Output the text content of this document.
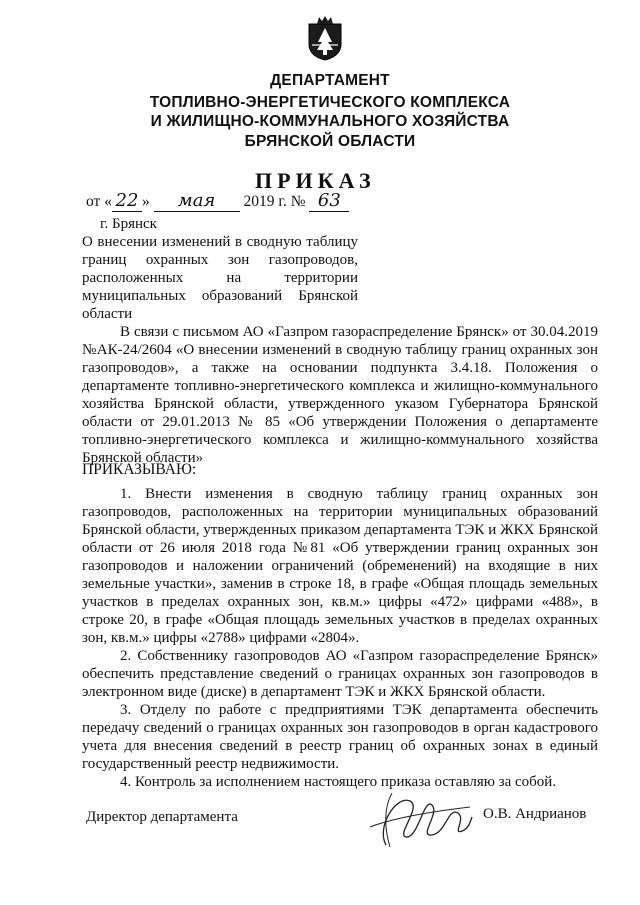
ДЕПАРТАМЕНТ
ТОПЛИВНО-ЭНЕРГЕТИЧЕСКОГО КОМПЛЕКСА
И ЖИЛИЩНО-КОММУНАЛЬНОГО ХОЗЯЙСТВА
БРЯНСКОЙ ОБЛАСТИ
ПРИКАЗ
от « 22 » мая 2019 г. № 63
г. Брянск
О внесении изменений в сводную таблицу границ охранных зон газопроводов, расположенных на территории муниципальных образований Брянской области

В связи с письмом АО «Газпром газораспределение Брянск» от 30.04.2019 №АК-24/2604 «О внесении изменений в сводную таблицу границ охранных зон газопроводов», а также на основании подпункта 3.4.18. Положения о департаменте топливно-энергетического комплекса и жилищно-коммунального хозяйства Брянской области, утвержденного указом Губернатора Брянской области от 29.01.2013 № 85 «Об утверждении Положения о департаменте топливно-энергетического комплекса и жилищно-коммунального хозяйства Брянской области»

ПРИКАЗЫВАЮ:

1. Внести изменения в сводную таблицу границ охранных зон газопроводов, расположенных на территории муниципальных образований Брянской области, утвержденных приказом департамента ТЭК и ЖКХ Брянской области от 26 июля 2018 года №81 «Об утверждении границ охранных зон газопроводов и наложении ограничений (обременений) на входящие в них земельные участки», заменив в строке 18, в графе «Общая площадь земельных участков в пределах охранных зон, кв.м.» цифры «472» цифрами «488», в строке 20, в графе «Общая площадь земельных участков в пределах охранных зон, кв.м.» цифры «2788» цифрами «2804».

2. Собственнику газопроводов АО «Газпром газораспределение Брянск» обеспечить представление сведений о границах охранных зон газопроводов в электронном виде (диске) в департамент ТЭК и ЖКХ Брянской области.

3. Отделу по работе с предприятиями ТЭК департамента обеспечить передачу сведений о границах охранных зон газопроводов в орган кадастрового учета для внесения сведений в реестр границ об охранных зонах в единый государственный реестр недвижимости.

4. Контроль за исполнением настоящего приказа оставляю за собой.

Директор департамента	О.В. Андрианов
